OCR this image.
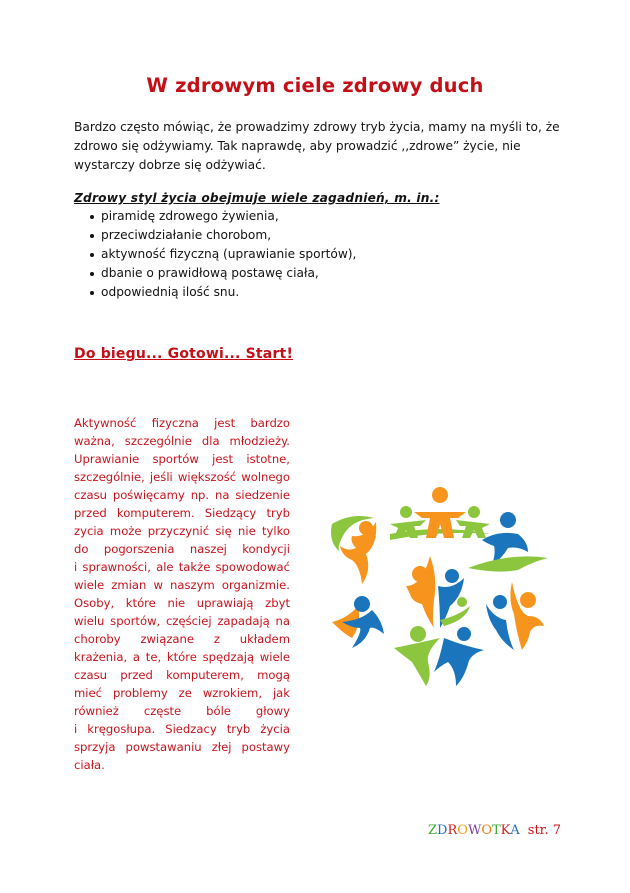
W zdrowym ciele zdrowy duch
Bardzo często mówiąc, że prowadzimy zdrowy tryb życia, mamy na myśli to, że
zdrowo się odżywiamy. Tak naprawdę, aby prowadzić ,,zdrowe” życie, nie
wystarczy dobrze się odżywiać.
Zdrowy styl życia obejmuje wiele zagadnień, m. in.:
piramidę zdrowego żywienia,
przeciwdziałanie chorobom,
aktywność fizyczną (uprawianie sportów),
dbanie o prawidłową postawę ciała,
odpowiednią ilość snu.
Do biegu... Gotowi... Start!
Aktywność fizyczna jest bardzo
ważna, szczególnie dla młodzieży.
Uprawianie sportów jest istotne,
szczególnie, jeśli większość wolnego
czasu poświęcamy np. na siedzenie
przed komputerem. Siedzący tryb
zycia może przyczynić się nie tylko
do pogorszenia naszej kondycji
i sprawności, ale także spowodować
wiele zmian w naszym organizmie.
Osoby, które nie uprawiają zbyt
wielu sportów, częściej zapadają na
choroby związane z układem
krażenia, a te, które spędzają wiele
czasu przed komputerem, mogą
mieć problemy ze wzrokiem, jak
również częste bóle głowy
i kręgosłupa. Siedzacy tryb życia
sprzyja powstawaniu złej postawy
ciała.
ZDROWOTKA str. 7
